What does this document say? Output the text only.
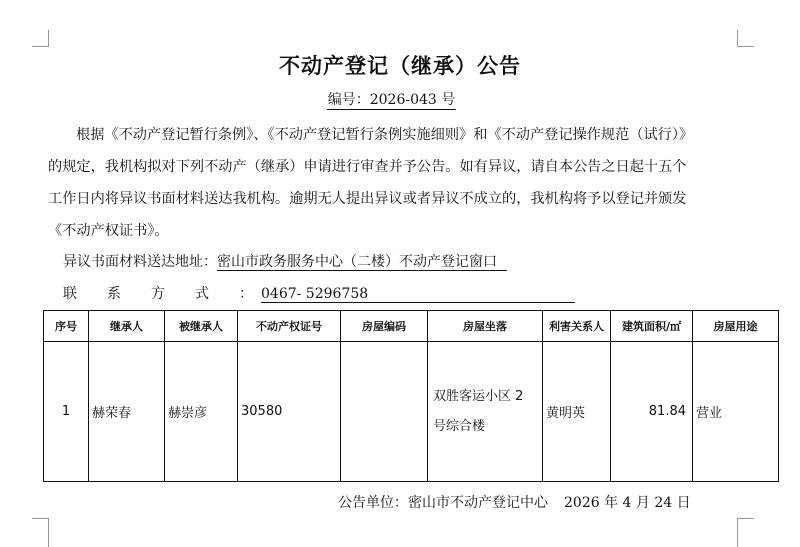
不动产登记（继承）公告
编号：2026-043 号
根据《不动产登记暂行条例》、《不动产登记暂行条例实施细则》和《不动产登记操作规范（试行）》
的规定，我机构拟对下列不动产（继承）申请进行审查并予公告。如有异议，请自本公告之日起十五个
工作日内将异议书面材料送达我机构。逾期无人提出异议或者异议不成立的，我机构将予以登记并颁发
《不动产权证书》。
异议书面材料送达地址：密山市政务服务中心（二楼）不动产登记窗口
联系方式：0467- 5296758
序号	继承人	被继承人	不动产权证号	房屋编码	房屋坐落	利害关系人	建筑面积/㎡	房屋用途
1	赫荣春	赫崇彦	30580		双胜客运小区 2 号综合楼	黄明英	81.84	营业
公告单位：密山市不动产登记中心 2026 年 4 月 24 日
